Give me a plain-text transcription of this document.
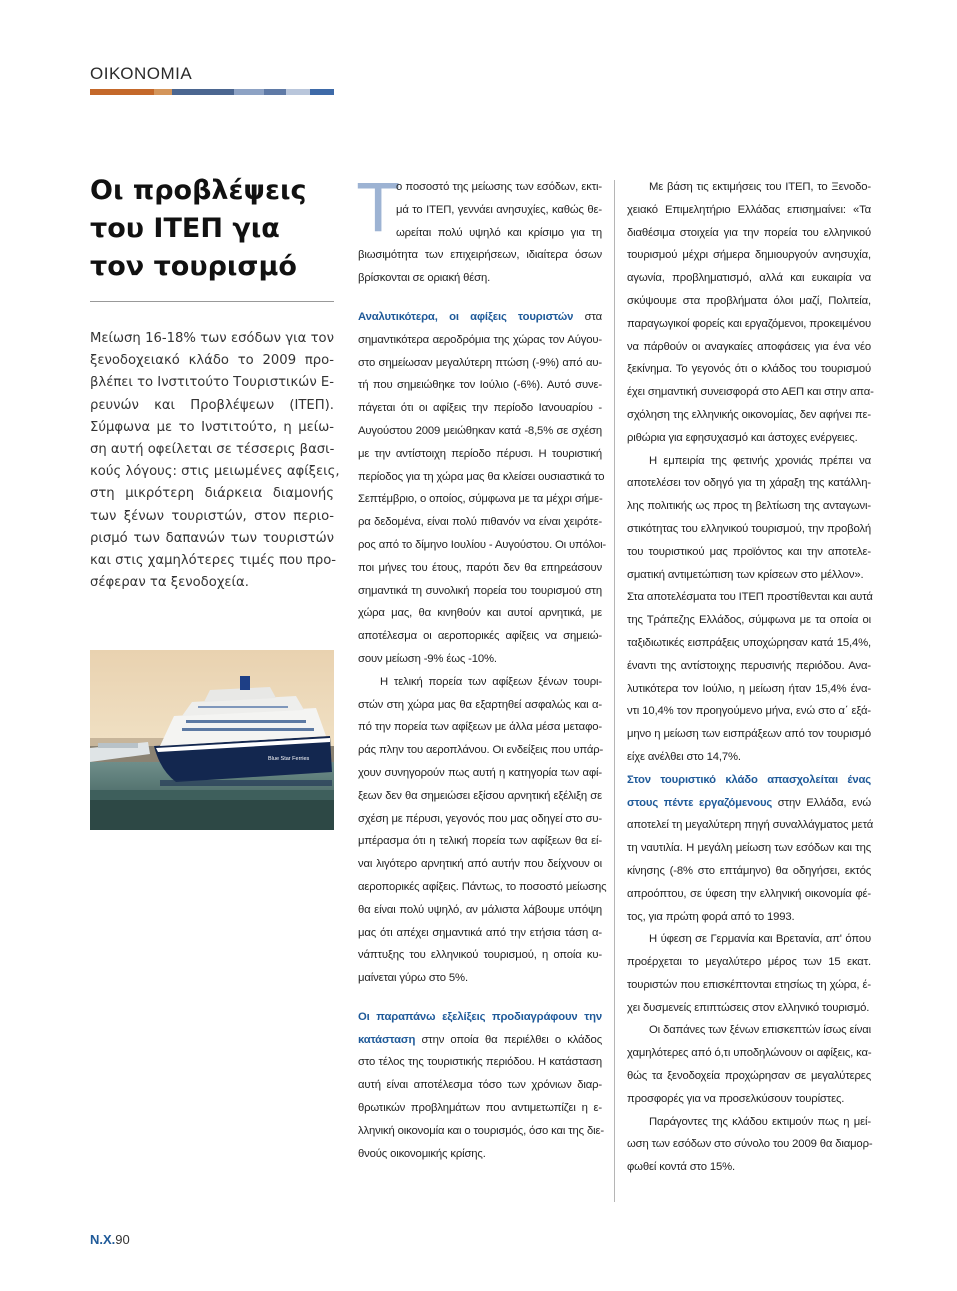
ΟΙΚΟΝΟΜΙΑ
Οι προβλέψεις
του ΙΤΕΠ για
τον τουρισμό
Μείωση 16-18% των εσόδων για τον
ξενοδοχειακό κλάδο το 2009 προ-
βλέπει το Ινστιτούτο Τουριστικών Ε-
ρευνών και Προβλέψεων (ΙΤΕΠ).
Σύμφωνα με το Ινστιτούτο, η μείω-
ση αυτή οφείλεται σε τέσσερις βασι-
κούς λόγους: στις μειωμένες αφίξεις,
στη μικρότερη διάρκεια διαμονής
των ξένων τουριστών, στον περιο-
ρισμό των δαπανών των τουριστών
και στις χαμηλότερες τιμές που προ-
σέφεραν τα ξενοδοχεία.
Blue Star Ferries

Τ
ο ποσοστό της μείωσης των εσόδων, εκτι-
μά το ΙΤΕΠ, γεννάει ανησυχίες, καθώς θε-
ωρείται πολύ υψηλό και κρίσιμο για τη
βιωσιμότητα των επιχειρήσεων, ιδιαίτερα όσων
βρίσκονται σε οριακή θέση.

Αναλυτικότερα, οι αφίξεις τουριστών στα
σημαντικότερα αεροδρόμια της χώρας τον Αύγου-
στο σημείωσαν μεγαλύτερη πτώση (-9%) από αυ-
τή που σημειώθηκε τον Ιούλιο (-6%). Αυτό συνε-
πάγεται ότι οι αφίξεις την περίοδο Ιανουαρίου -
Αυγούστου 2009 μειώθηκαν κατά -8,5% σε σχέση
με την αντίστοιχη περίοδο πέρυσι. Η τουριστική
περίοδος για τη χώρα μας θα κλείσει ουσιαστικά το
Σεπτέμβριο, ο οποίος, σύμφωνα με τα μέχρι σήμε-
ρα δεδομένα, είναι πολύ πιθανόν να είναι χειρότε-
ρος από το δίμηνο Ιουλίου - Αυγούστου. Οι υπόλοι-
ποι μήνες του έτους, παρότι δεν θα επηρεάσουν
σημαντικά τη συνολική πορεία του τουρισμού στη
χώρα μας, θα κινηθούν και αυτοί αρνητικά, με
αποτέλεσμα οι αεροπορικές αφίξεις να σημειώ-
σουν μείωση -9% έως -10%.

Η τελική πορεία των αφίξεων ξένων τουρι-
στών στη χώρα μας θα εξαρτηθεί ασφαλώς και α-
πό την πορεία των αφίξεων με άλλα μέσα μεταφο-
ράς πλην του αεροπλάνου. Οι ενδείξεις που υπάρ-
χουν συνηγορούν πως αυτή η κατηγορία των αφί-
ξεων δεν θα σημειώσει εξίσου αρνητική εξέλιξη σε
σχέση με πέρυσι, γεγονός που μας οδηγεί στο συ-
μπέρασμα ότι η τελική πορεία των αφίξεων θα εί-
ναι λιγότερο αρνητική από αυτήν που δείχνουν οι
αεροπορικές αφίξεις. Πάντως, το ποσοστό μείωσης
θα είναι πολύ υψηλό, αν μάλιστα λάβουμε υπόψη
μας ότι απέχει σημαντικά από την ετήσια τάση α-
νάπτυξης του ελληνικού τουρισμού, η οποία κυ-
μαίνεται γύρω στο 5%.

Οι παραπάνω εξελίξεις προδιαγράφουν την
κατάσταση στην οποία θα περιέλθει ο κλάδος
στο τέλος της τουριστικής περιόδου. Η κατάσταση
αυτή είναι αποτέλεσμα τόσο των χρόνιων διαρ-
θρωτικών προβλημάτων που αντιμετωπίζει η ε-
λληνική οικονομία και ο τουρισμός, όσο και της διε-
θνούς οικονομικής κρίσης.

Με βάση τις εκτιμήσεις του ΙΤΕΠ, το Ξενοδο-
χειακό Επιμελητήριο Ελλάδας επισημαίνει: «Τα
διαθέσιμα στοιχεία για την πορεία του ελληνικού
τουρισμού μέχρι σήμερα δημιουργούν ανησυχία,
αγωνία, προβληματισμό, αλλά και ευκαιρία να
σκύψουμε στα προβλήματα όλοι μαζί, Πολιτεία,
παραγωγικοί φορείς και εργαζόμενοι, προκειμένου
να πάρθούν οι αναγκαίες αποφάσεις για ένα νέο
ξεκίνημα. Το γεγονός ότι ο κλάδος του τουρισμού
έχει σημαντική συνεισφορά στο ΑΕΠ και στην απα-
σχόληση της ελληνικής οικονομίας, δεν αφήνει πε-
ριθώρια για εφησυχασμό και άστοχες ενέργειες.

Η εμπειρία της φετινής χρονιάς πρέπει να
αποτελέσει τον οδηγό για τη χάραξη της κατάλλη-
λης πολιτικής ως προς τη βελτίωση της ανταγωνι-
στικότητας του ελληνικού τουρισμού, την προβολή
του τουριστικού μας προϊόντος και την αποτελε-
σματική αντιμετώπιση των κρίσεων στο μέλλον».

Στα αποτελέσματα του ΙΤΕΠ προστίθενται και αυτά
της Τράπεζης Ελλάδος, σύμφωνα με τα οποία οι
ταξιδιωτικές εισπράξεις υποχώρησαν κατά 15,4%,
έναντι της αντίστοιχης περυσινής περιόδου. Ανα-
λυτικότερα τον Ιούλιο, η μείωση ήταν 15,4% ένα-
ντι 10,4% τον προηγούμενο μήνα, ενώ στο α΄ εξά-
μηνο η μείωση των εισπράξεων από τον τουρισμό
είχε ανέλθει στο 14,7%.

Στον τουριστικό κλάδο απασχολείται ένας
στους πέντε εργαζόμενους στην Ελλάδα, ενώ
αποτελεί τη μεγαλύτερη πηγή συναλλάγματος μετά
τη ναυτιλία. Η μεγάλη μείωση των εσόδων και της
κίνησης (-8% στο επτάμηνο) θα οδηγήσει, εκτός
απροόπτου, σε ύφεση την ελληνική οικονομία φέ-
τος, για πρώτη φορά από το 1993.

Η ύφεση σε Γερμανία και Βρετανία, απ' όπου
προέρχεται το μεγαλύτερο μέρος των 15 εκατ.
τουριστών που επισκέπτονται ετησίως τη χώρα, έ-
χει δυσμενείς επιπτώσεις στον ελληνικό τουρισμό.

Οι δαπάνες των ξένων επισκεπτών ίσως είναι
χαμηλότερες από ό,τι υποδηλώνουν οι αφίξεις, κα-
θώς τα ξενοδοχεία προχώρησαν σε μεγαλύτερες
προσφορές για να προσελκύσουν τουρίστες.

Παράγοντες της κλάδου εκτιμούν πως η μεί-
ωση των εσόδων στο σύνολο του 2009 θα διαμορ-
φωθεί κοντά στο 15%.

Ν.Χ.90
